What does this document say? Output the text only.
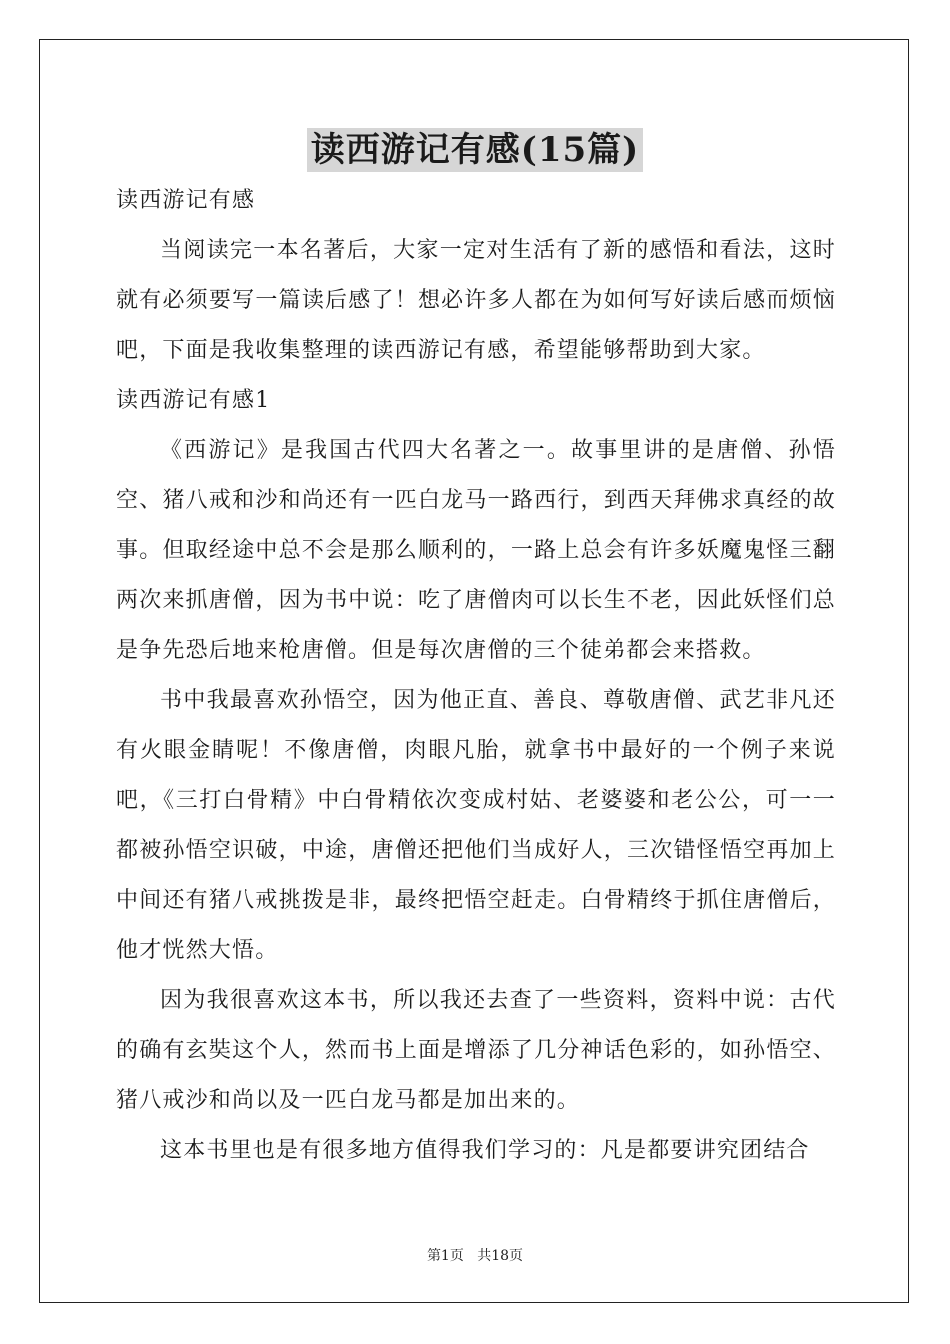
读西游记有感(15篇)

读西游记有感

当阅读完一本名著后，大家一定对生活有了新的感悟和看法，这时就有必须要写一篇读后感了！想必许多人都在为如何写好读后感而烦恼吧，下面是我收集整理的读西游记有感，希望能够帮助到大家。

读西游记有感1

《西游记》是我国古代四大名著之一。故事里讲的是唐僧、孙悟空、猪八戒和沙和尚还有一匹白龙马一路西行，到西天拜佛求真经的故事。但取经途中总不会是那么顺利的，一路上总会有许多妖魔鬼怪三翻两次来抓唐僧，因为书中说：吃了唐僧肉可以长生不老，因此妖怪们总是争先恐后地来枪唐僧。但是每次唐僧的三个徒弟都会来搭救。

书中我最喜欢孙悟空，因为他正直、善良、尊敬唐僧、武艺非凡还有火眼金睛呢！不像唐僧，肉眼凡胎，就拿书中最好的一个例子来说吧，《三打白骨精》中白骨精依次变成村姑、老婆婆和老公公，可一一都被孙悟空识破，中途，唐僧还把他们当成好人，三次错怪悟空再加上中间还有猪八戒挑拨是非，最终把悟空赶走。白骨精终于抓住唐僧后，他才恍然大悟。

因为我很喜欢这本书，所以我还去查了一些资料，资料中说：古代的确有玄奘这个人，然而书上面是增添了几分神话色彩的，如孙悟空、猪八戒沙和尚以及一匹白龙马都是加出来的。

这本书里也是有很多地方值得我们学习的：凡是都要讲究团结合

第1页 共18页
